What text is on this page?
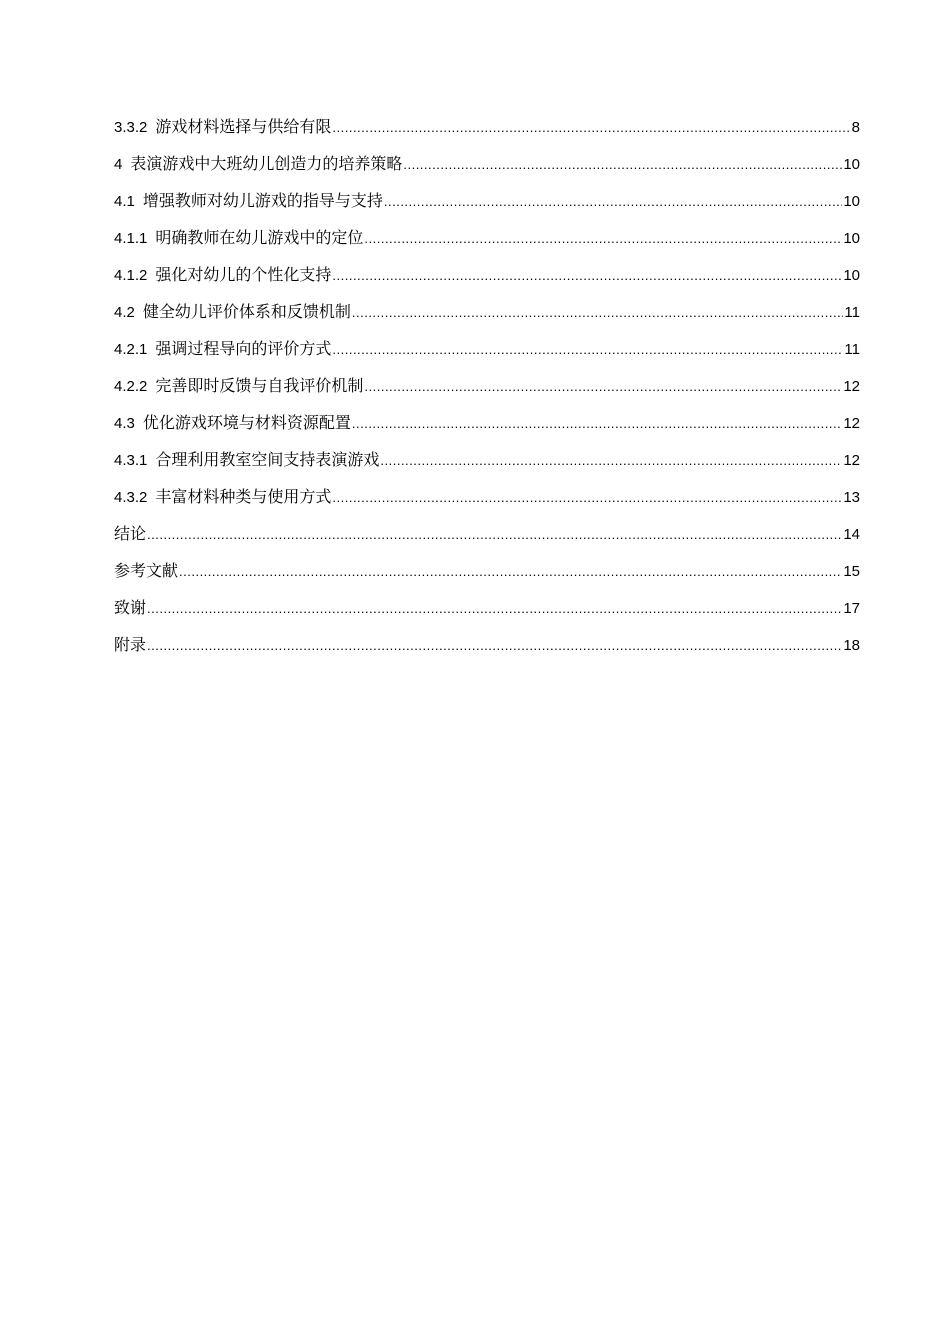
3.3.2 游戏材料选择与供给有限 .....	8
4 表演游戏中大班幼儿创造力的培养策略 .....	10
4.1 增强教师对幼儿游戏的指导与支持 .....	10
4.1.1 明确教师在幼儿游戏中的定位 .....	10
4.1.2 强化对幼儿的个性化支持 .....	10
4.2 健全幼儿评价体系和反馈机制 .....	11
4.2.1 强调过程导向的评价方式 .....	11
4.2.2 完善即时反馈与自我评价机制 .....	12
4.3 优化游戏环境与材料资源配置 .....	12
4.3.1 合理利用教室空间支持表演游戏 .....	12
4.3.2 丰富材料种类与使用方式 .....	13
结论 .....	14
参考文献 .....	15
致谢 .....	17
附录 .....	18
